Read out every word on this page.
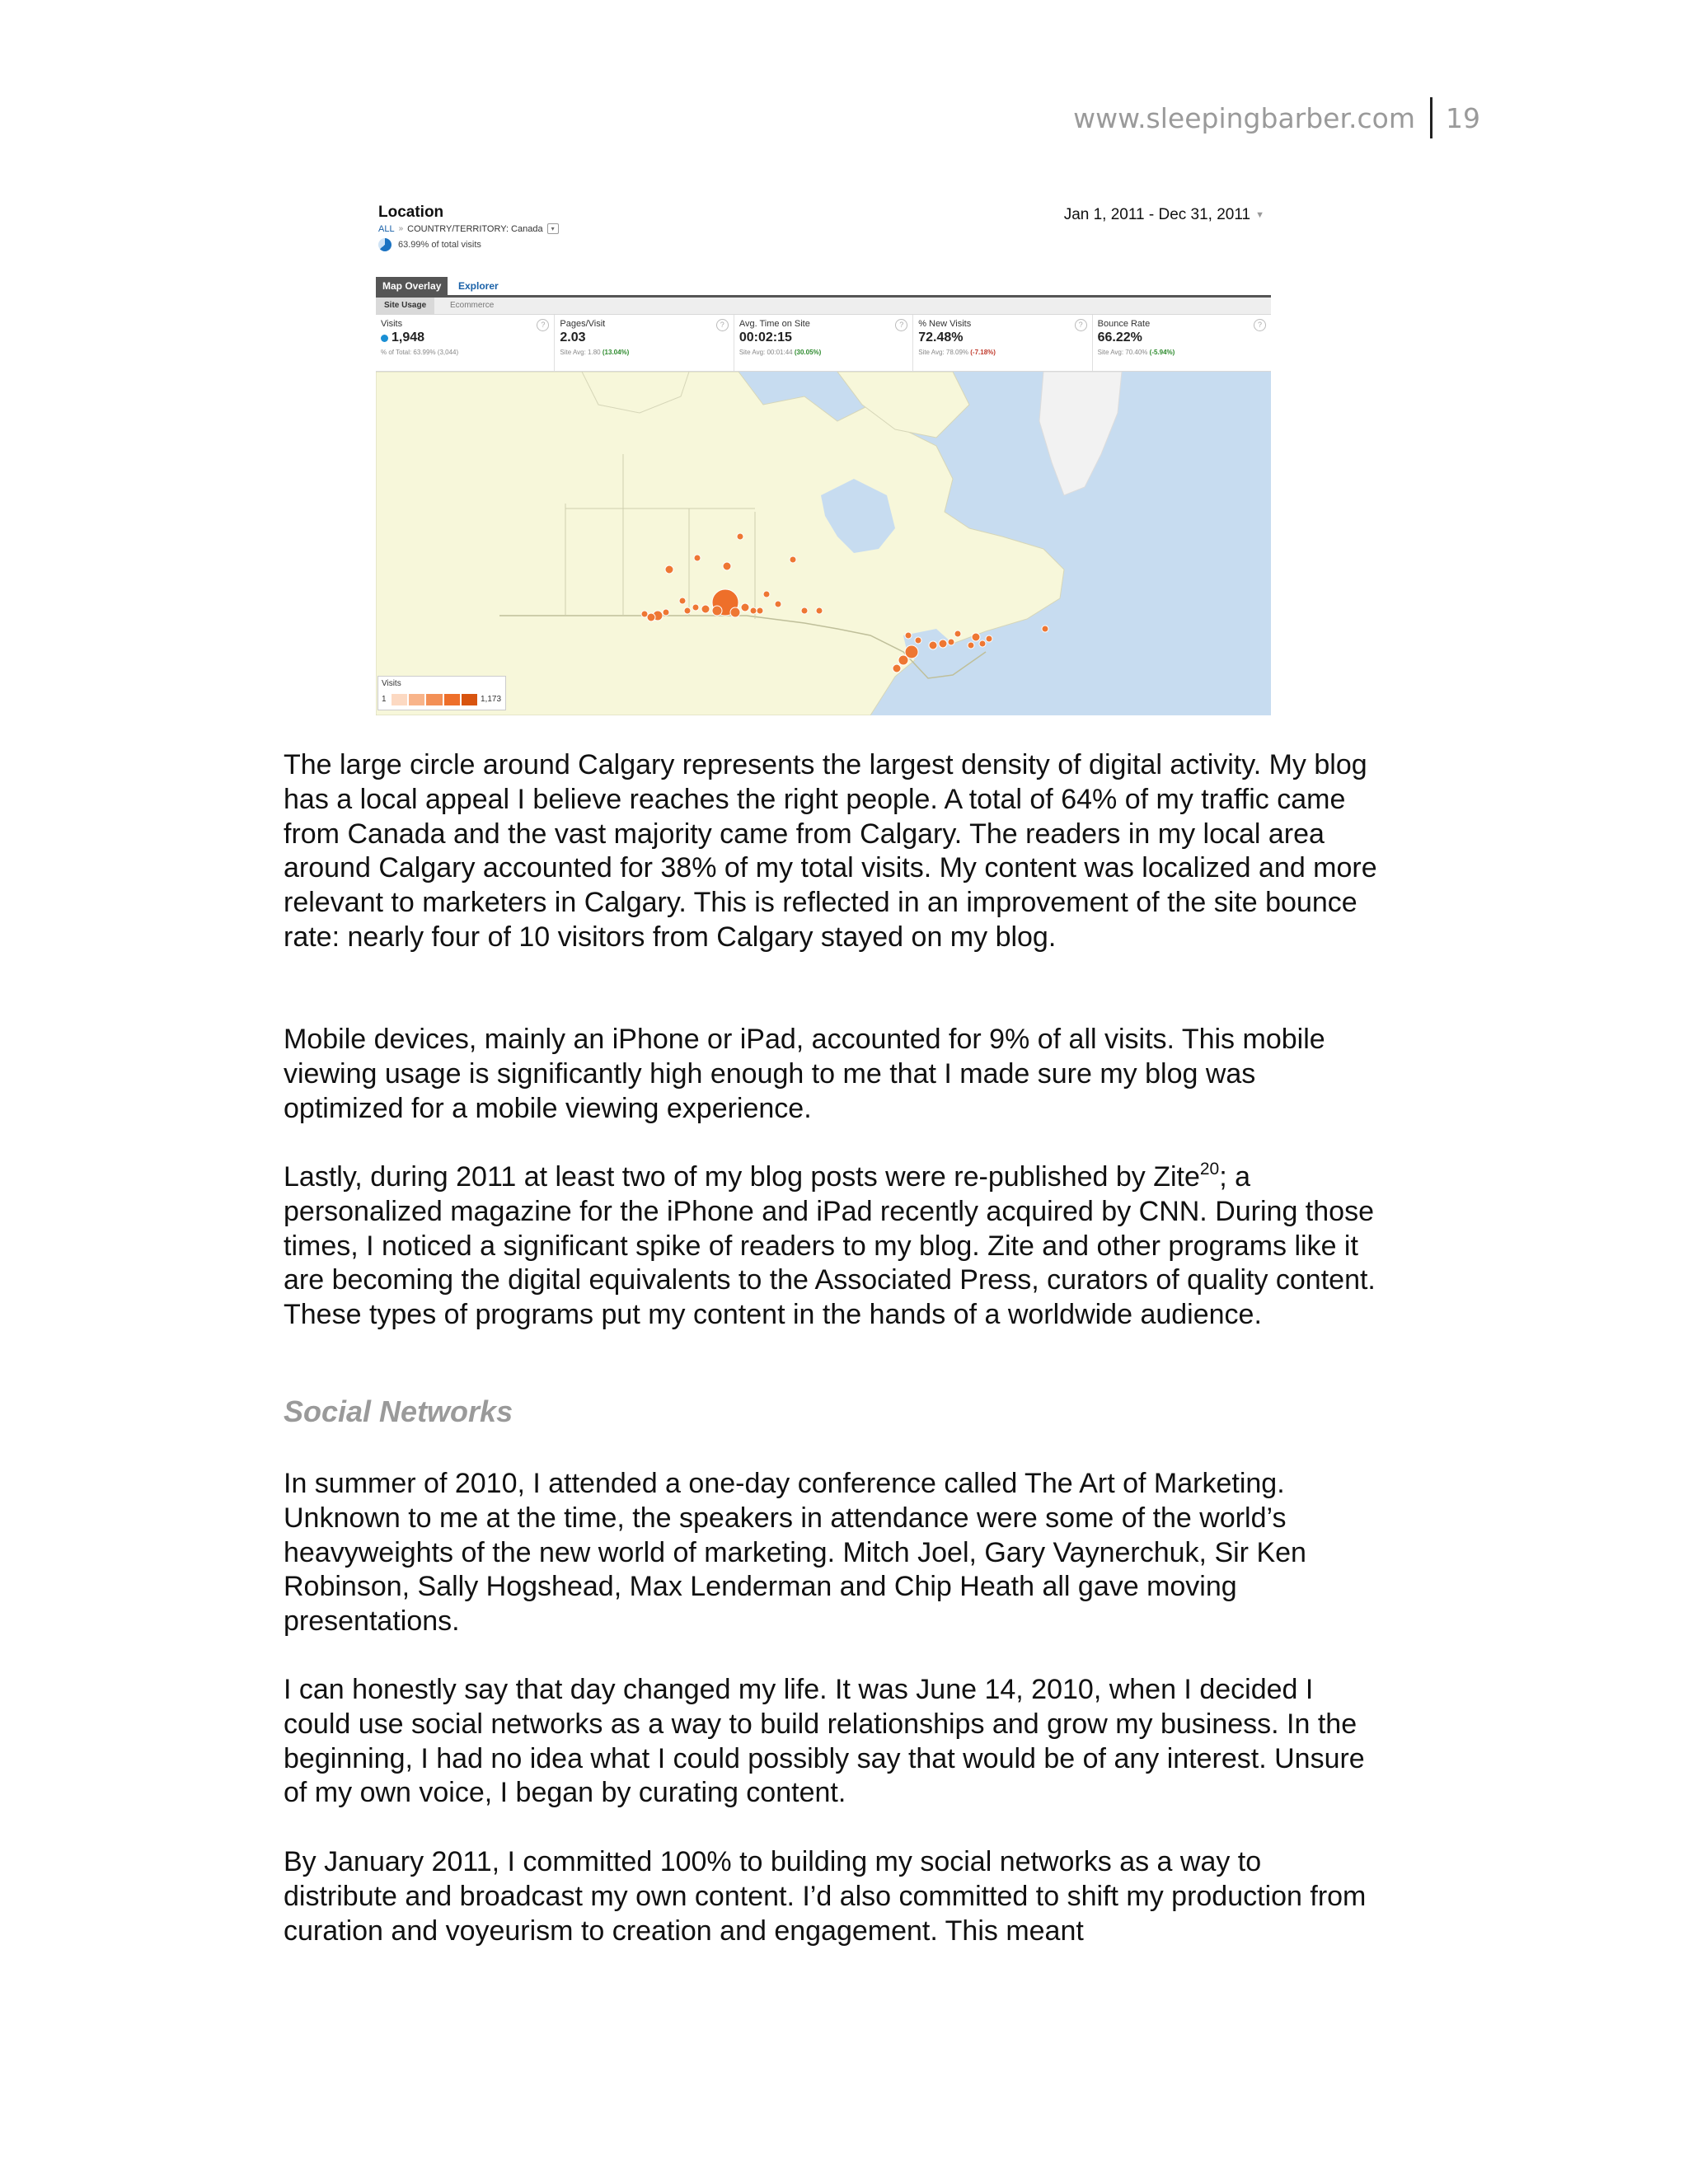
www.sleepingbarber.com	19
Location
ALL » COUNTRY/TERRITORY: Canada	▾
63.99% of total visits
Jan 1, 2011 - Dec 31, 2011 ▼
Map Overlay	Explorer
Site Usage	Ecommerce
Visits
1,948
% of Total: 63.99% (3,044)
?	Pages/Visit
2.03
Site Avg: 1.80 (13.04%)
?	Avg. Time on Site
00:02:15
Site Avg: 00:01:44 (30.05%)
?	% New Visits
72.48%
Site Avg: 78.09% (-7.18%)
?	Bounce Rate
66.22%
Site Avg: 70.40% (-5.94%)
?
Visits
1	1,173

The large circle around Calgary represents the largest density of digital activity. My blog has a local appeal I believe reaches the right people. A total of 64% of my traffic came from Canada and the vast majority came from Calgary. The readers in my local area around Calgary accounted for 38% of my total visits. My content was localized and more relevant to marketers in Calgary. This is reflected in an improvement of the site bounce rate: nearly four of 10 visitors from Calgary stayed on my blog.

Mobile devices, mainly an iPhone or iPad, accounted for 9% of all visits. This mobile viewing usage is significantly high enough to me that I made sure my blog was optimized for a mobile viewing experience.

Lastly, during 2011 at least two of my blog posts were re-published by Zite$^{20}$; a personalized magazine for the iPhone and iPad recently acquired by CNN. During those times, I noticed a significant spike of readers to my blog. Zite and other programs like it are becoming the digital equivalents to the Associated Press, curators of quality content. These types of programs put my content in the hands of a worldwide audience.

Social Networks

In summer of 2010, I attended a one-day conference called The Art of Marketing. Unknown to me at the time, the speakers in attendance were some of the world’s heavyweights of the new world of marketing. Mitch Joel, Gary Vaynerchuk, Sir Ken Robinson, Sally Hogshead, Max Lenderman and Chip Heath all gave moving presentations.

I can honestly say that day changed my life. It was June 14, 2010, when I decided I could use social networks as a way to build relationships and grow my business. In the beginning, I had no idea what I could possibly say that would be of any interest. Unsure of my own voice, I began by curating content.

By January 2011, I committed 100% to building my social networks as a way to distribute and broadcast my own content. I’d also committed to shift my production from curation and voyeurism to creation and engagement. This meant
